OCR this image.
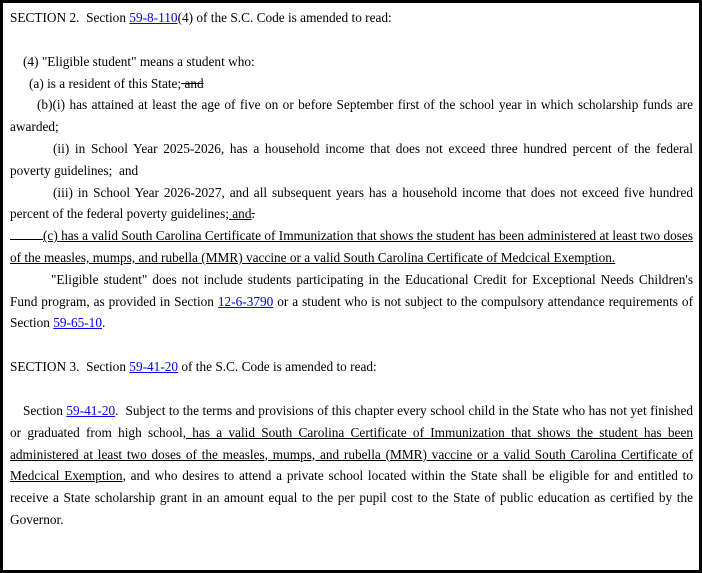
SECTION 2.  Section 59-8-110(4) of the S.C. Code is amended to read:

(4) "Eligible student" means a student who:

(a) is a resident of this State; and

(b)(i) has attained at least the age of five on or before September first of the school year in which scholarship funds are awarded;

(ii) in School Year 2025-2026, has a household income that does not exceed three hundred percent of the federal poverty guidelines;  and

(iii) in School Year 2026-2027, and all subsequent years has a household income that does not exceed five hundred percent of the federal poverty guidelines; and.

(c) has a valid South Carolina Certificate of Immunization that shows the student has been administered at least two doses of the measles, mumps, and rubella (MMR) vaccine or a valid South Carolina Certificate of Medcical Exemption.

"Eligible student" does not include students participating in the Educational Credit for Exceptional Needs Children's Fund program, as provided in Section 12-6-3790 or a student who is not subject to the compulsory attendance requirements of Section 59-65-10.

SECTION 3.  Section 59-41-20 of the S.C. Code is amended to read:

Section 59-41-20.  Subject to the terms and provisions of this chapter every school child in the State who has not yet finished or graduated from high school, has a valid South Carolina Certificate of Immunization that shows the student has been administered at least two doses of the measles, mumps, and rubella (MMR) vaccine or a valid South Carolina Certificate of Medcical Exemption, and who desires to attend a private school located within the State shall be eligible for and entitled to receive a State scholarship grant in an amount equal to the per pupil cost to the State of public education as certified by the Governor.
